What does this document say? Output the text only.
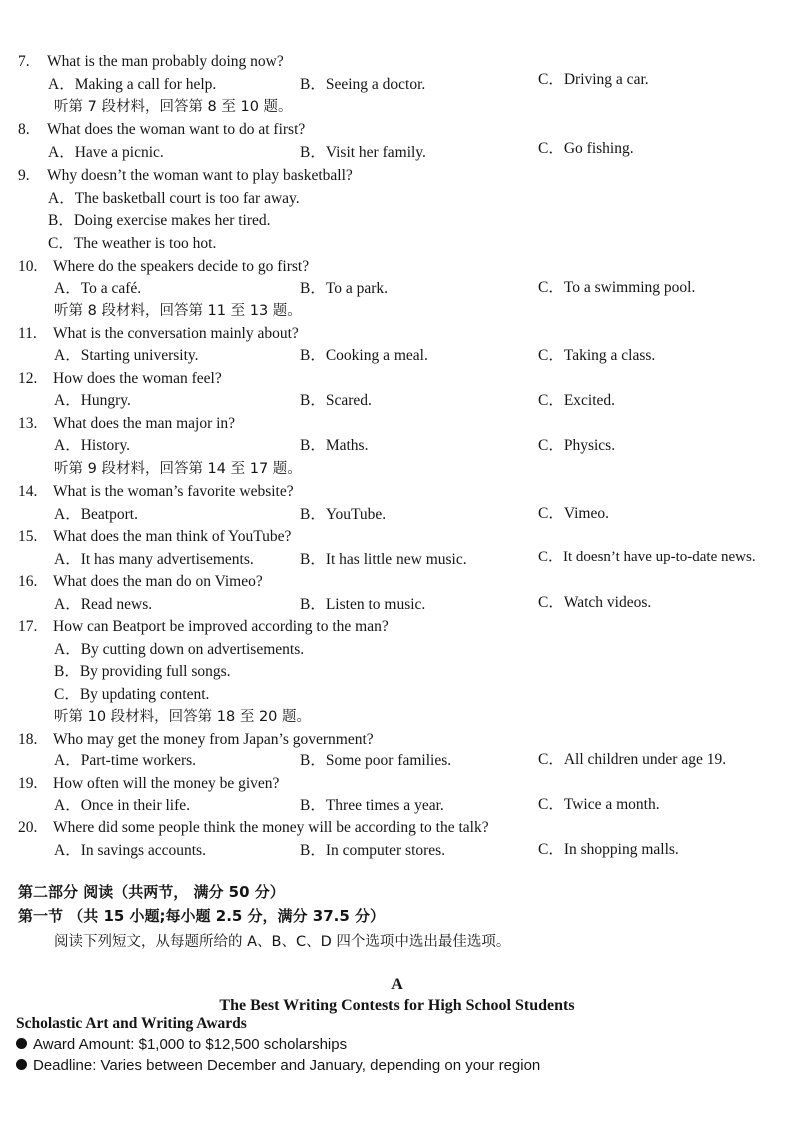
7. What is the man probably doing now?
A．Making a call for help.	B．Seeing a doctor.	C．Driving a car.
听第 7 段材料，回答第 8 至 10 题。
8. What does the woman want to do at first?
A．Have a picnic.	B．Visit her family.	C．Go fishing.
9. Why doesn’t the woman want to play basketball?
A．The basketball court is too far away.
B．Doing exercise makes her tired.
C．The weather is too hot.
10. Where do the speakers decide to go first?
A．To a café.	B．To a park.	C．To a swimming pool.
听第 8 段材料，回答第 11 至 13 题。
11. What is the conversation mainly about?
A．Starting university.	B．Cooking a meal.	C．Taking a class.
12. How does the woman feel?
A．Hungry.	B．Scared.	C．Excited.
13. What does the man major in?
A．History.	B．Maths.	C．Physics.
听第 9 段材料，回答第 14 至 17 题。
14. What is the woman’s favorite website?
A．Beatport.	B．YouTube.	C．Vimeo.
15. What does the man think of YouTube?
A．It has many advertisements.	B．It has little new music.	C．It doesn’t have up-to-date news.
16. What does the man do on Vimeo?
A．Read news.	B．Listen to music.	C．Watch videos.
17. How can Beatport be improved according to the man?
A．By cutting down on advertisements.
B．By providing full songs.
C．By updating content.
听第 10 段材料，回答第 18 至 20 题。
18. Who may get the money from Japan’s government?
A．Part-time workers.	B．Some poor families.	C．All children under age 19.
19. How often will the money be given?
A．Once in their life.	B．Three times a year.	C．Twice a month.
20. Where did some people think the money will be according to the talk?
A．In savings accounts.	B．In computer stores.	C．In shopping malls.
第二部分 阅读（共两节， 满分 50 分）
第一节 （共 15 小题;每小题 2.5 分，满分 37.5 分）
阅读下列短文，从每题所给的 A、B、C、D 四个选项中选出最佳选项。
A
The Best Writing Contests for High School Students
Scholastic Art and Writing Awards
Award Amount: $1,000 to $12,500 scholarships
Deadline: Varies between December and January, depending on your region
